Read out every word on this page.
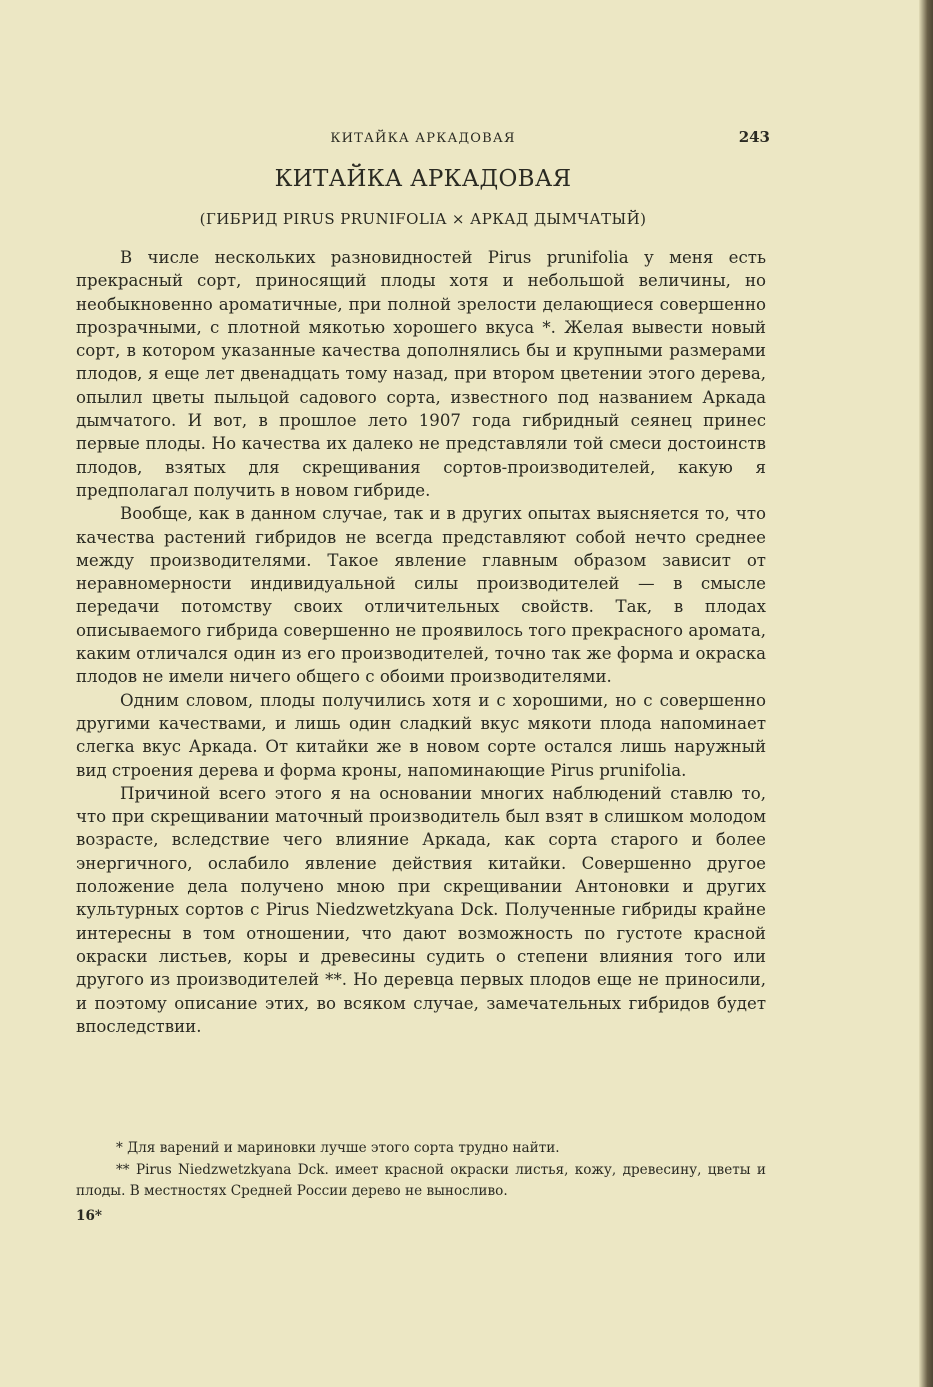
КИТАЙКА АРКАДОВАЯ	243
КИТАЙКА АРКАДОВАЯ
(ГИБРИД PIRUS PRUNIFOLIA × АРКАД ДЫМЧАТЫЙ)

В числе нескольких разновидностей Pirus prunifolia у меня есть прекрасный сорт, приносящий плоды хотя и небольшой величины, но необыкновенно ароматичные, при полной зрелости делающиеся совершенно прозрачными, с плотной мякотью хорошего вкуса *. Желая вывести новый сорт, в котором указанные качества дополнялись бы и крупными размерами плодов, я еще лет двенадцать тому назад, при втором цветении этого дерева, опылил цветы пыльцой садового сорта, известного под названием Аркада дымчатого. И вот, в прошлое лето 1907 года гибридный сеянец принес первые плоды. Но качества их далеко не представляли той смеси достоинств плодов, взятых для скрещивания сортов-производителей, какую я предполагал получить в новом гибриде.

Вообще, как в данном случае, так и в других опытах выясняется то, что качества растений гибридов не всегда представляют собой нечто среднее между производителями. Такое явление главным образом зависит от неравномерности индивидуальной силы производителей — в смысле передачи потомству своих отличительных свойств. Так, в плодах описываемого гибрида совершенно не проявилось того прекрасного аромата, каким отличался один из его производителей, точно так же форма и окраска плодов не имели ничего общего с обоими производителями.

Одним словом, плоды получились хотя и с хорошими, но с совершенно другими качествами, и лишь один сладкий вкус мякоти плода напоминает слегка вкус Аркада. От китайки же в новом сорте остался лишь наружный вид строения дерева и форма кроны, напоминающие Pirus prunifolia.

Причиной всего этого я на основании многих наблюдений ставлю то, что при скрещивании маточный производитель был взят в слишком молодом возрасте, вследствие чего влияние Аркада, как сорта старого и более энергичного, ослабило явление действия китайки. Совершенно другое положение дела получено мною при скрещивании Антоновки и других культурных сортов с Pirus Niedzwetzkyana Dck. Полученные гибриды крайне интересны в том отношении, что дают возможность по густоте красной окраски листьев, коры и древесины судить о степени влияния того или другого из производителей **. Но деревца первых плодов еще не приносили, и поэтому описание этих, во всяком случае, замечательных гибридов будет впоследствии.

* Для варений и мариновки лучше этого сорта трудно найти.

** Pirus Niedzwetzkyana Dck. имеет красной окраски листья, кожу, древесину, цветы и плоды. В местностях Средней России дерево не выносливо.

16*
